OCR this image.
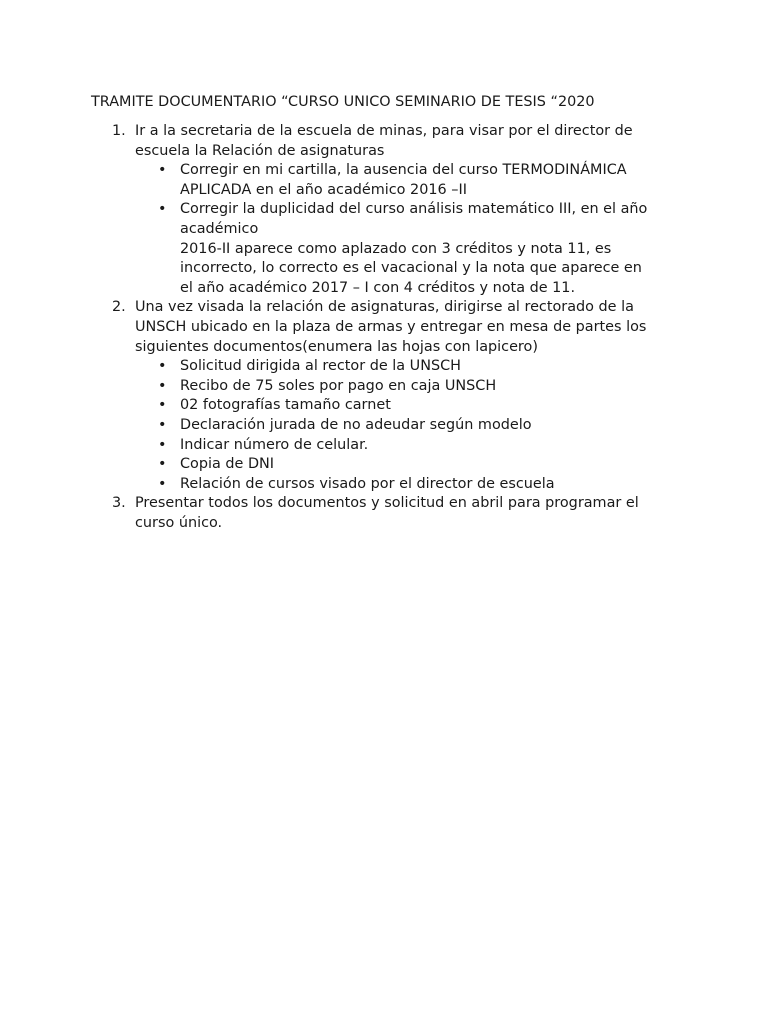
TRAMITE DOCUMENTARIO “CURSO UNICO SEMINARIO DE TESIS “2020
1. Ir a la secretaria de la escuela de minas, para visar por el director de
escuela la Relación de asignaturas
• Corregir en mi cartilla, la ausencia del curso TERMODINÁMICA
APLICADA en el año académico 2016 –II
• Corregir la duplicidad del curso análisis matemático III, en el año
académico
2016-II aparece como aplazado con 3 créditos y nota 11, es
incorrecto, lo correcto es el vacacional y la nota que aparece en
el año académico 2017 – I con 4 créditos y nota de 11.
2. Una vez visada la relación de asignaturas, dirigirse al rectorado de la
UNSCH ubicado en la plaza de armas y entregar en mesa de partes los
siguientes documentos(enumera las hojas con lapicero)
• Solicitud dirigida al rector de la UNSCH
• Recibo de 75 soles por pago en caja UNSCH
• 02 fotografías tamaño carnet
• Declaración jurada de no adeudar según modelo
• Indicar número de celular.
• Copia de DNI
• Relación de cursos visado por el director de escuela
3. Presentar todos los documentos y solicitud en abril para programar el
curso único.
